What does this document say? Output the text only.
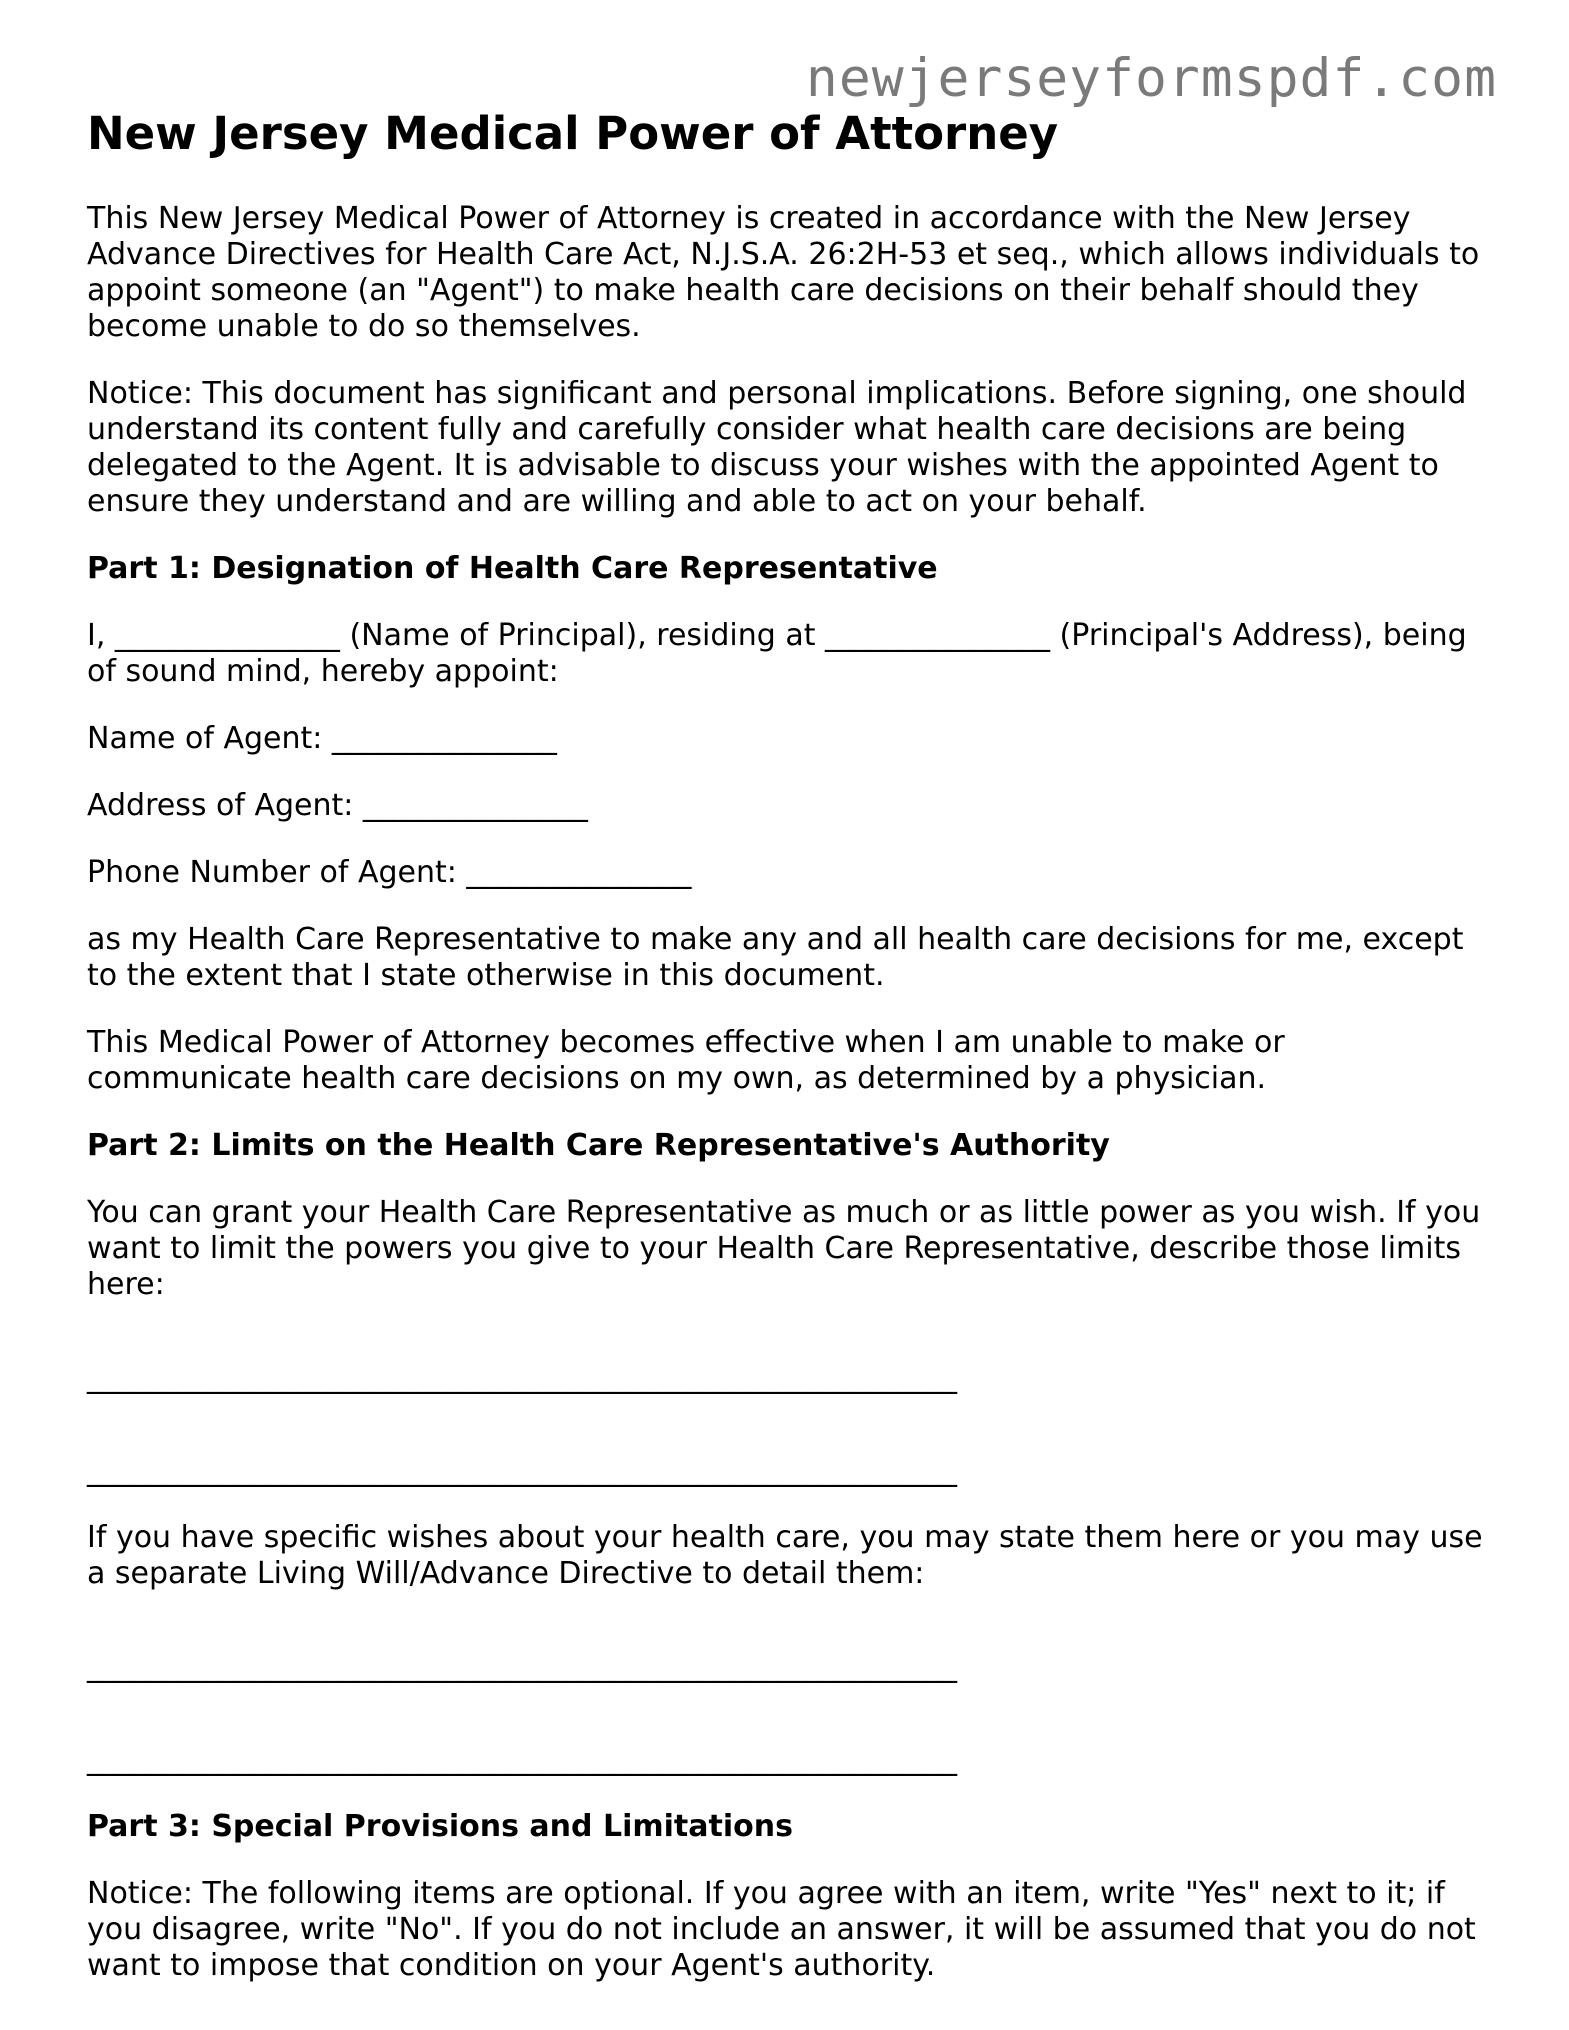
newjerseyformspdf.com
New Jersey Medical Power of Attorney

This New Jersey Medical Power of Attorney is created in accordance with the New Jersey Advance Directives for Health Care Act, N.J.S.A. 26:2H-53 et seq., which allows individuals to appoint someone (an "Agent") to make health care decisions on their behalf should they become unable to do so themselves.

Notice: This document has significant and personal implications. Before signing, one should understand its content fully and carefully consider what health care decisions are being delegated to the Agent. It is advisable to discuss your wishes with the appointed Agent to ensure they understand and are willing and able to act on your behalf.

Part 1: Designation of Health Care Representative

I, _______________ (Name of Principal), residing at _______________ (Principal's Address), being of sound mind, hereby appoint:

Name of Agent: _______________

Address of Agent: _______________

Phone Number of Agent: _______________

as my Health Care Representative to make any and all health care decisions for me, except to the extent that I state otherwise in this document.

This Medical Power of Attorney becomes effective when I am unable to make or communicate health care decisions on my own, as determined by a physician.

Part 2: Limits on the Health Care Representative's Authority

You can grant your Health Care Representative as much or as little power as you wish. If you want to limit the powers you give to your Health Care Representative, describe those limits here:

__________________________________________________________

__________________________________________________________

If you have specific wishes about your health care, you may state them here or you may use a separate Living Will/Advance Directive to detail them:

__________________________________________________________

__________________________________________________________

Part 3: Special Provisions and Limitations

Notice: The following items are optional. If you agree with an item, write "Yes" next to it; if you disagree, write "No". If you do not include an answer, it will be assumed that you do not want to impose that condition on your Agent's authority.
